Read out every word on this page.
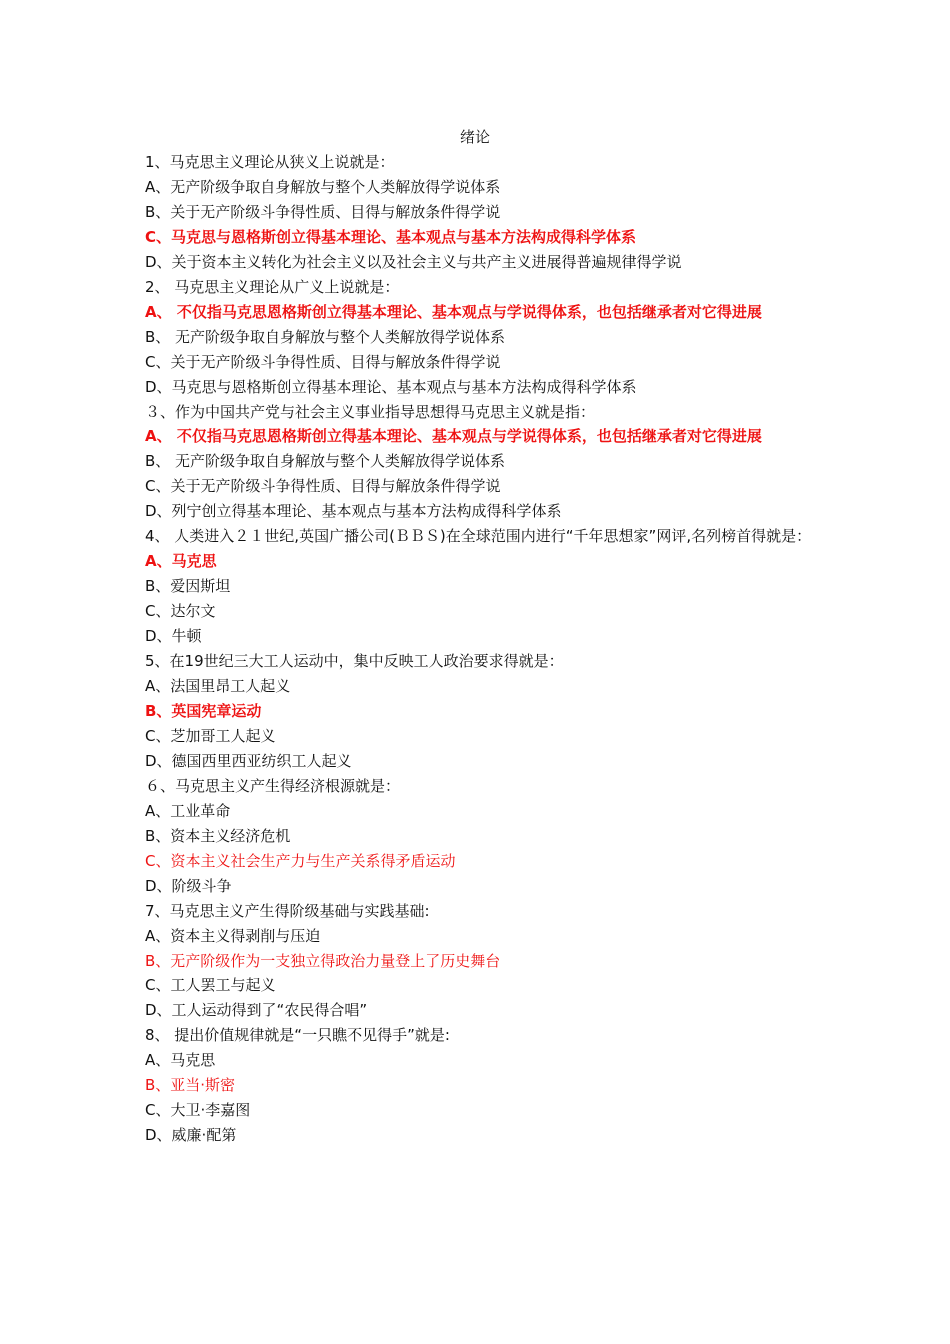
绪论

1、马克思主义理论从狭义上说就是：

A、无产阶级争取自身解放与整个人类解放得学说体系

B、关于无产阶级斗争得性质、目得与解放条件得学说

C、马克思与恩格斯创立得基本理论、基本观点与基本方法构成得科学体系

D、关于资本主义转化为社会主义以及社会主义与共产主义进展得普遍规律得学说

2、 马克思主义理论从广义上说就是：

A、 不仅指马克思恩格斯创立得基本理论、基本观点与学说得体系，也包括继承者对它得进展

B、 无产阶级争取自身解放与整个人类解放得学说体系

C、关于无产阶级斗争得性质、目得与解放条件得学说

D、马克思与恩格斯创立得基本理论、基本观点与基本方法构成得科学体系

３、作为中国共产党与社会主义事业指导思想得马克思主义就是指：

A、 不仅指马克思恩格斯创立得基本理论、基本观点与学说得体系，也包括继承者对它得进展

B、 无产阶级争取自身解放与整个人类解放得学说体系

C、关于无产阶级斗争得性质、目得与解放条件得学说

D、列宁创立得基本理论、基本观点与基本方法构成得科学体系

4、 人类进入２１世纪,英国广播公司(ＢＢＳ)在全球范围内进行“千年思想家”网评,名列榜首得就是：

A、马克思

B、爱因斯坦

C、达尔文

D、牛顿

5、在19世纪三大工人运动中，集中反映工人政治要求得就是：

A、法国里昂工人起义

B、英国宪章运动

C、芝加哥工人起义

D、德国西里西亚纺织工人起义

６、马克思主义产生得经济根源就是：

A、工业革命

B、资本主义经济危机

C、资本主义社会生产力与生产关系得矛盾运动

D、阶级斗争

7、马克思主义产生得阶级基础与实践基础:

A、资本主义得剥削与压迫

B、无产阶级作为一支独立得政治力量登上了历史舞台

C、工人罢工与起义

D、工人运动得到了“农民得合唱”

8、 提出价值规律就是“一只瞧不见得手”就是:

A、马克思

B、亚当·斯密

C、大卫·李嘉图

D、威廉·配第
